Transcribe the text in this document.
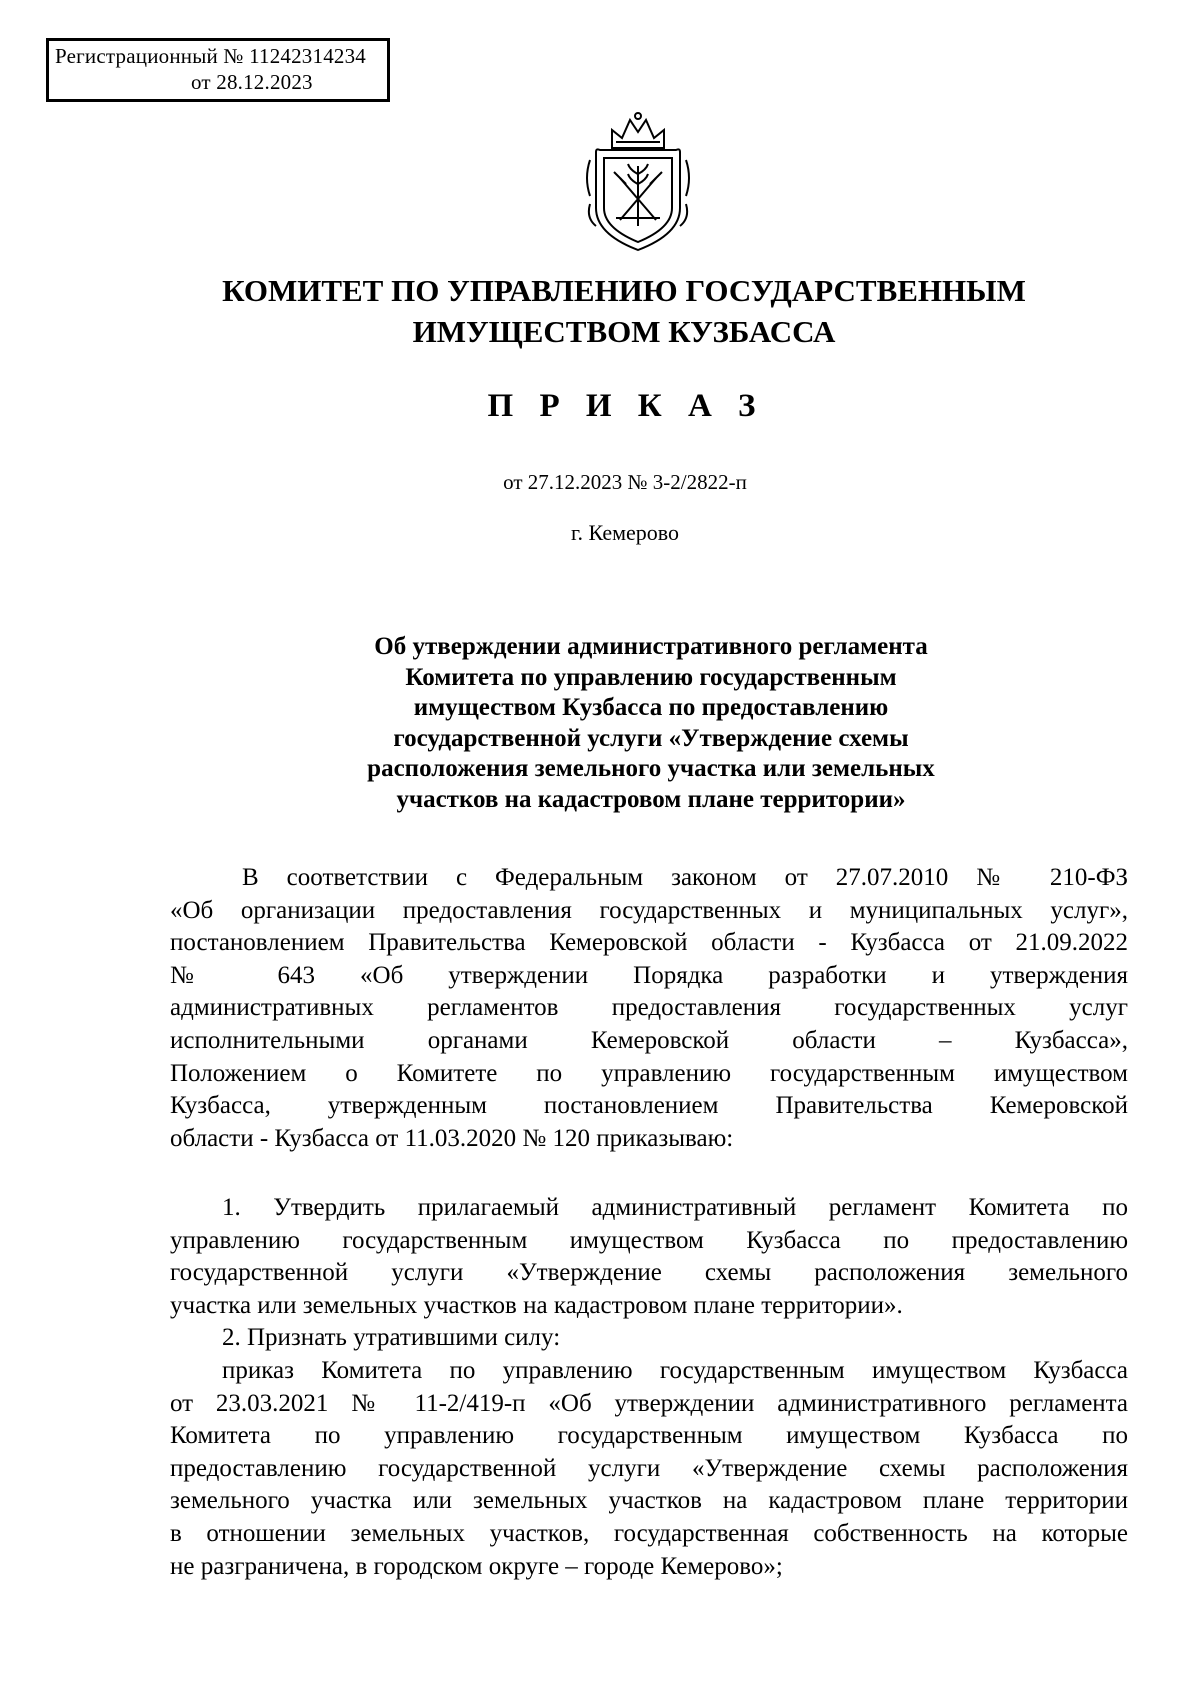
Регистрационный № 11242314234
от 28.12.2023
КОМИТЕТ ПО УПРАВЛЕНИЮ ГОСУДАРСТВЕННЫМ
ИМУЩЕСТВОМ КУЗБАССА
П Р И К А З
от 27.12.2023 № 3-2/2822-п
г. Кемерово
Об утверждении административного регламента
Комитета по управлению государственным
имуществом Кузбасса по предоставлению
государственной услуги «Утверждение схемы
расположения земельного участка или земельных
участков на кадастровом плане территории»
В соответствии с Федеральным законом от 27.07.2010 № 210-ФЗ
«Об организации предоставления государственных и муниципальных услуг»,
постановлением Правительства Кемеровской области - Кузбасса от 21.09.2022
№ 643 «Об утверждении Порядка разработки и утверждения
административных регламентов предоставления государственных услуг
исполнительными органами Кемеровской области – Кузбасса»,
Положением о Комитете по управлению государственным имуществом
Кузбасса, утвержденным постановлением Правительства Кемеровской
области - Кузбасса от 11.03.2020 № 120 приказываю:
1. Утвердить прилагаемый административный регламент Комитета по
управлению государственным имуществом Кузбасса по предоставлению
государственной услуги «Утверждение схемы расположения земельного
участка или земельных участков на кадастровом плане территории».
2. Признать утратившими силу:
приказ Комитета по управлению государственным имуществом Кузбасса
от 23.03.2021 № 11-2/419-п «Об утверждении административного регламента
Комитета по управлению государственным имуществом Кузбасса по
предоставлению государственной услуги «Утверждение схемы расположения
земельного участка или земельных участков на кадастровом плане территории
в отношении земельных участков, государственная собственность на которые
не разграничена, в городском округе – городе Кемерово»;
